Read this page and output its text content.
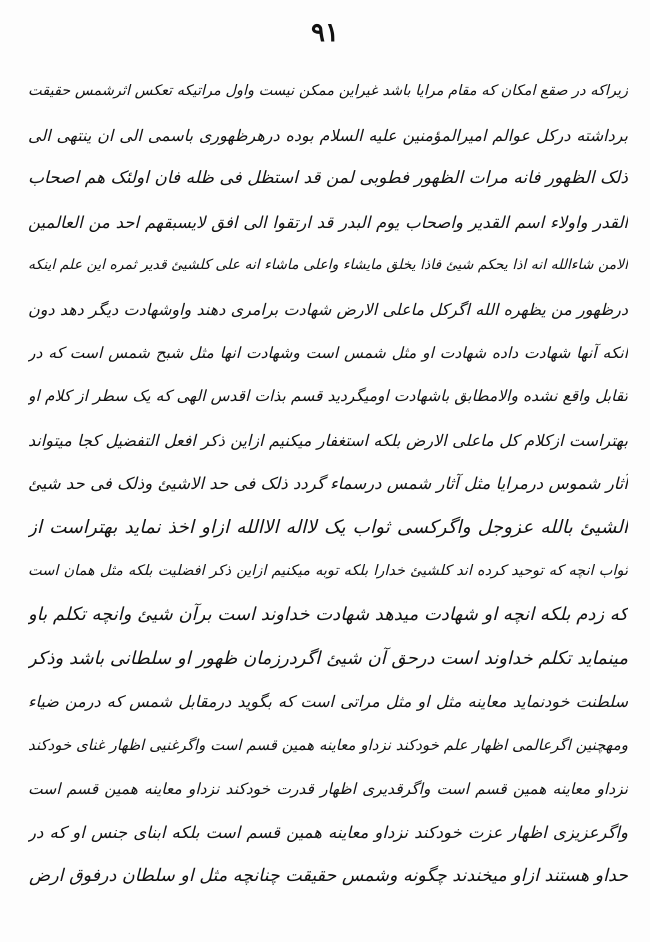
۹۱
زیراکه در صقع امکان که مقام مرایا باشد غیراین ممکن نیست واول مراتیکه تعکس اثرشمس حقیقت
برداشته درکل عوالم امیرالمؤمنین علیه السلام بوده درهرظهوری باسمی الی ان ینتهی الی
ذلک الظهور فانه مرات الظهور فطوبی لمن قد استظل فی ظله فان اولئک هم اصحاب
القدر واولاء اسم القدیر واصحاب یوم البدر قد ارتقوا الی افق لایسبقهم احد من العالمین
الامن شاءالله انه اذا یحکم شیئ فاذا یخلق مایشاء واعلی ماشاء انه علی کلشیئ قدیر ثمره این علم اینکه
درظهور من یظهره الله اگرکل ماعلی الارض شهادت برامری دهند واوشهادت دیگر دهد دون
انکه آنها شهادت داده شهادت او مثل شمس است وشهادت انها مثل شبح شمس است که در
تقابل واقع نشده والامطابق باشهادت اومیگردید قسم بذات اقدس الهی که یک سطر از کلام او
بهتراست ازکلام کل ماعلی الارض بلکه استغفار میکنیم ازاین ذکر افعل التفضیل کجا میتواند
آثار شموس درمرایا مثل آثار شمس درسماء گردد ذلک فی حد الاشیئ وذلک فی حد شیئ
الشیئ بالله عزوجل واگرکسی ثواب یک لااله الاالله ازاو اخذ نماید بهتراست از
ثواب انچه که توحید کرده اند کلشیئ خدارا بلکه توبه میکنیم ازاین ذکر افضلیت بلکه مثل همان است
که زدم بلکه انچه او شهادت میدهد شهادت خداوند است برآن شیئ وانچه تکلم باو
مینماید تکلم خداوند است درحق آن شیئ اگردرزمان ظهور او سلطانی باشد وذکر
سلطنت خودنماید معاینه مثل او مثل مراتی است که بگوید درمقابل شمس که درمن ضیاء
ومهچنین اگرعالمی اظهار علم خودکند نزداو معاینه همین قسم است واگرغنیی اظهار غنای خودکند
نزداو معاینه همین قسم است واگرقدیری اظهار قدرت خودکند نزداو معاینه همین قسم است
واگرعزیزی اظهار عزت خودکند نزداو معاینه همین قسم است بلکه ابنای جنس او که در
حداو هستند ازاو میخندند چگونه وشمس حقیقت چنانچه مثل او سلطان درفوق ارض
